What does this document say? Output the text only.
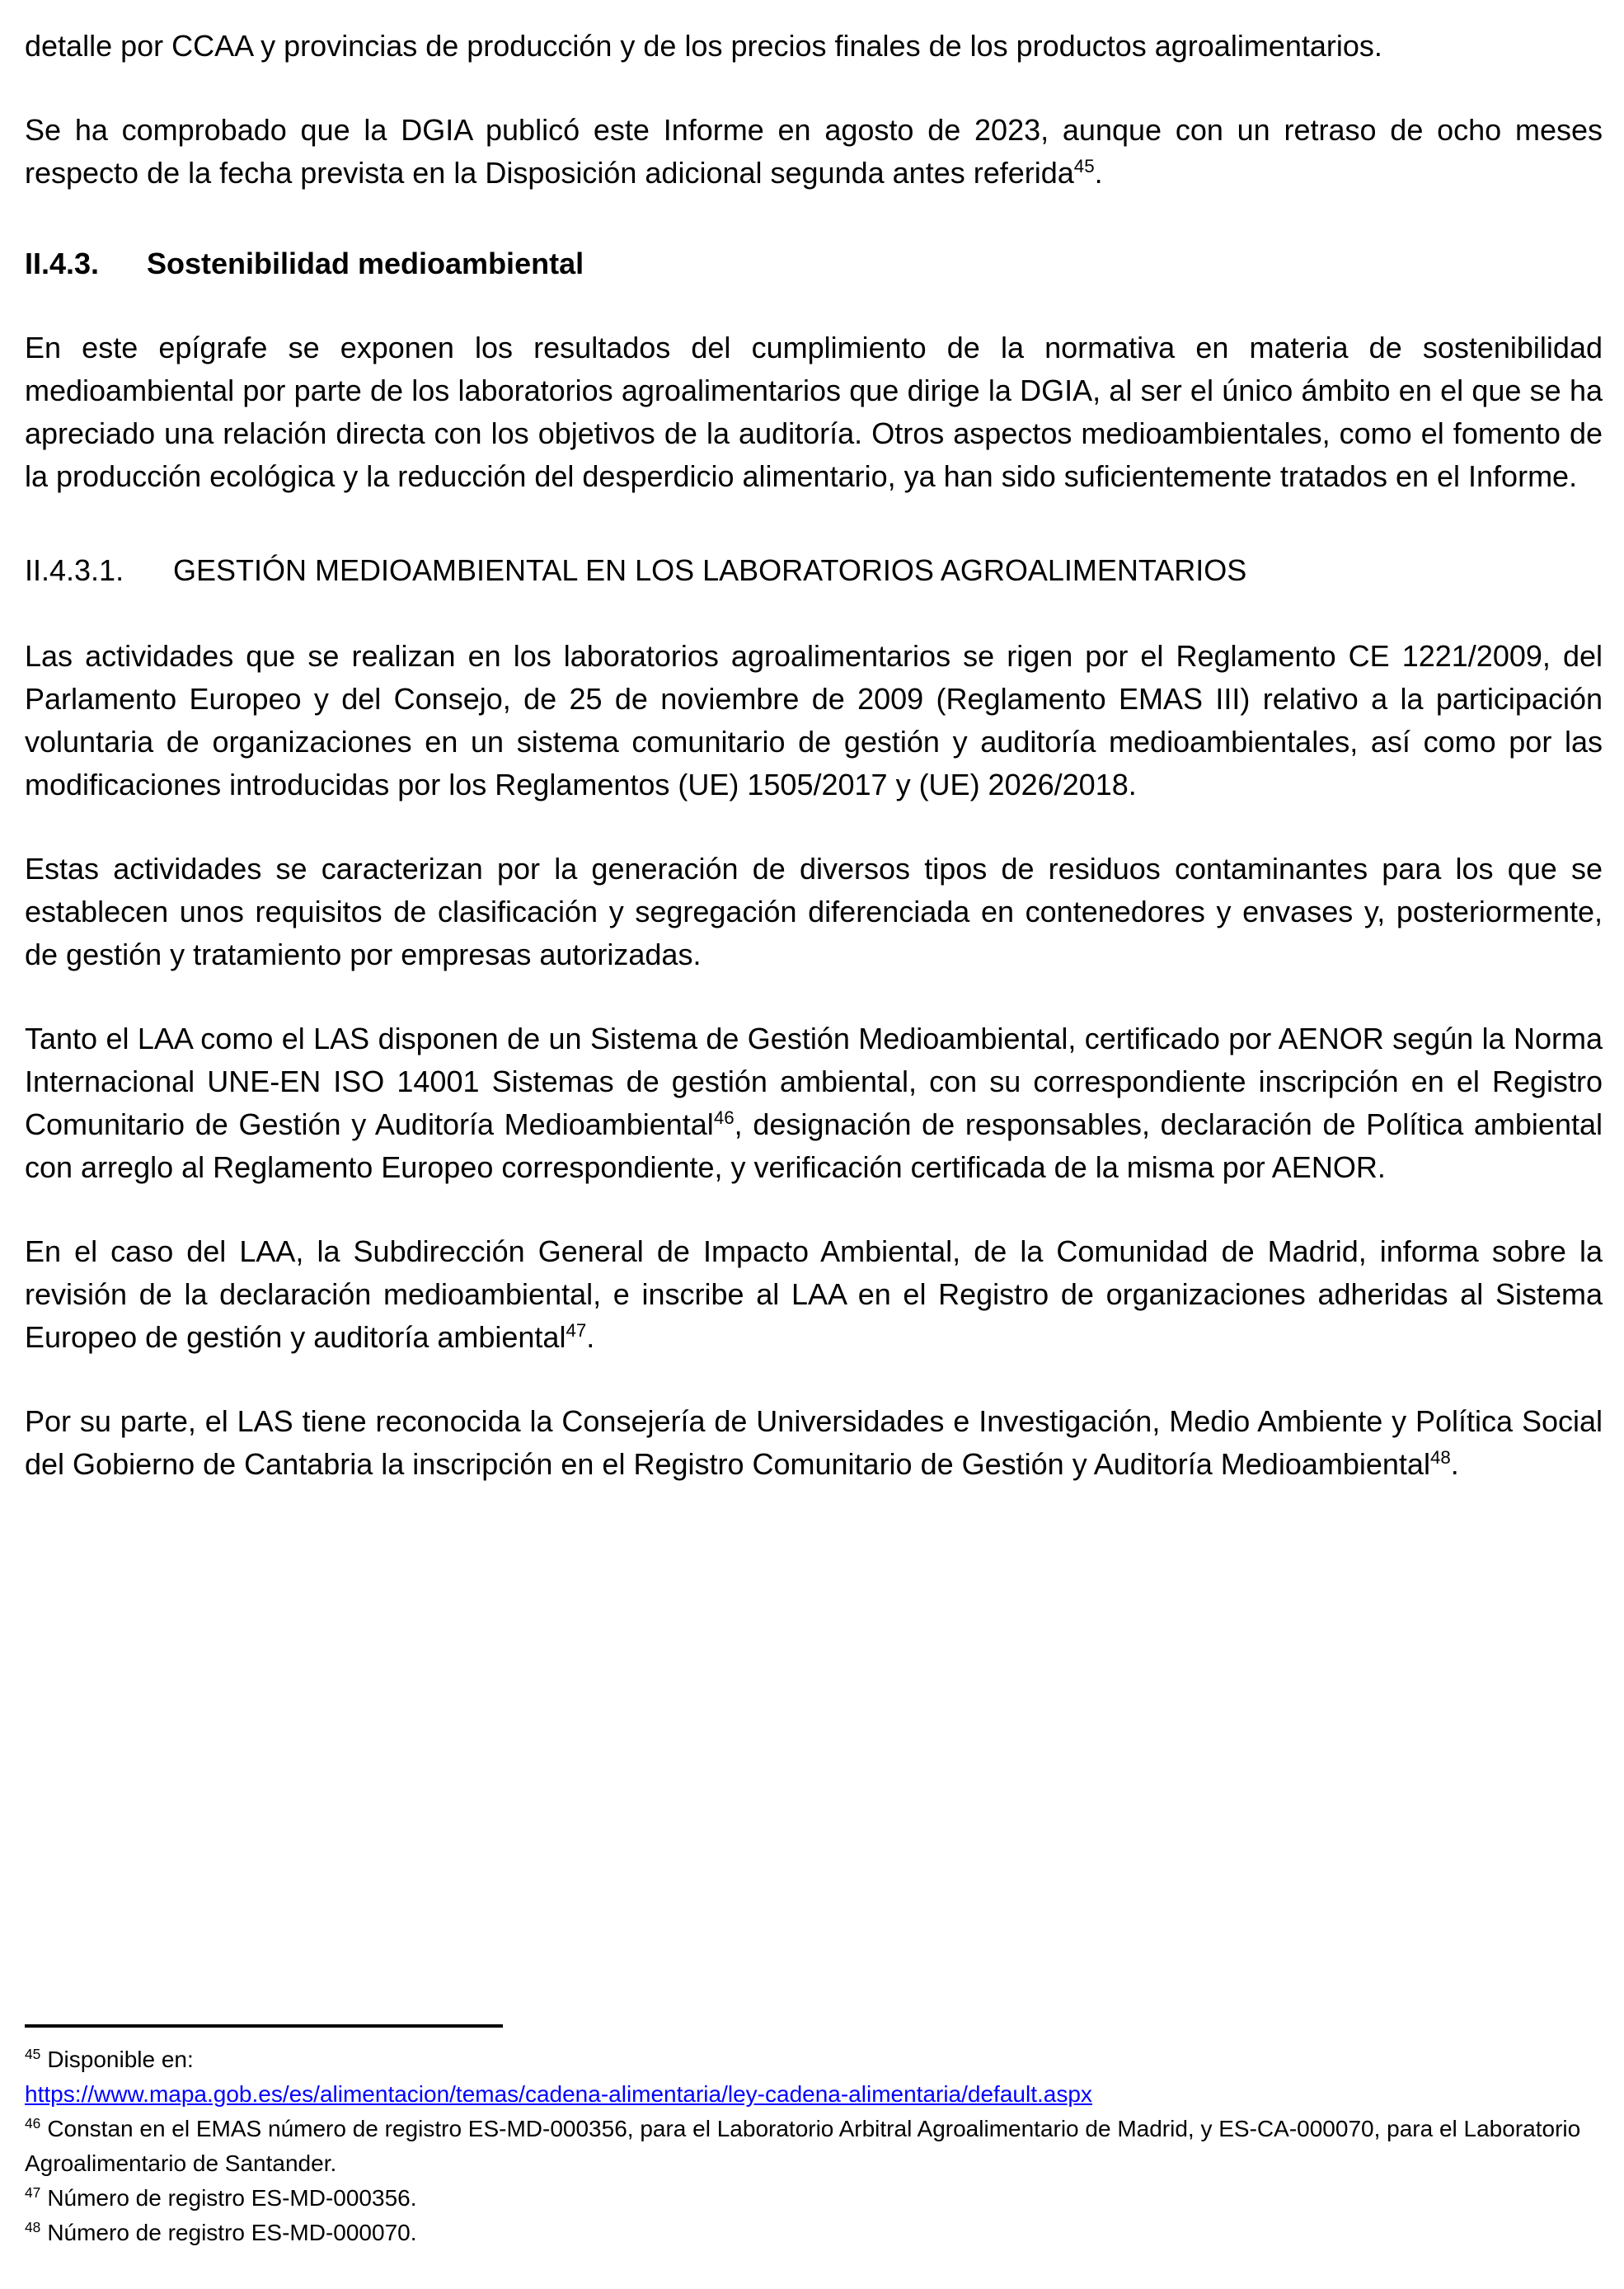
detalle por CCAA y provincias de producción y de los precios finales de los productos agroalimentarios.

Se ha comprobado que la DGIA publicó este Informe en agosto de 2023, aunque con un retraso de ocho meses respecto de la fecha prevista en la Disposición adicional segunda antes referida$^{45}$.

II.4.3. Sostenibilidad medioambiental

En este epígrafe se exponen los resultados del cumplimiento de la normativa en materia de sostenibilidad medioambiental por parte de los laboratorios agroalimentarios que dirige la DGIA, al ser el único ámbito en el que se ha apreciado una relación directa con los objetivos de la auditoría. Otros aspectos medioambientales, como el fomento de la producción ecológica y la reducción del desperdicio alimentario, ya han sido suficientemente tratados en el Informe.

II.4.3.1. GESTIÓN MEDIOAMBIENTAL EN LOS LABORATORIOS AGROALIMENTARIOS

Las actividades que se realizan en los laboratorios agroalimentarios se rigen por el Reglamento CE 1221/2009, del Parlamento Europeo y del Consejo, de 25 de noviembre de 2009 (Reglamento EMAS III) relativo a la participación voluntaria de organizaciones en un sistema comunitario de gestión y auditoría medioambientales, así como por las modificaciones introducidas por los Reglamentos (UE) 1505/2017 y (UE) 2026/2018.

Estas actividades se caracterizan por la generación de diversos tipos de residuos contaminantes para los que se establecen unos requisitos de clasificación y segregación diferenciada en contenedores y envases y, posteriormente, de gestión y tratamiento por empresas autorizadas.

Tanto el LAA como el LAS disponen de un Sistema de Gestión Medioambiental, certificado por AENOR según la Norma Internacional UNE-EN ISO 14001 Sistemas de gestión ambiental, con su correspondiente inscripción en el Registro Comunitario de Gestión y Auditoría Medioambiental$^{46}$, designación de responsables, declaración de Política ambiental con arreglo al Reglamento Europeo correspondiente, y verificación certificada de la misma por AENOR.

En el caso del LAA, la Subdirección General de Impacto Ambiental, de la Comunidad de Madrid, informa sobre la revisión de la declaración medioambiental, e inscribe al LAA en el Registro de organizaciones adheridas al Sistema Europeo de gestión y auditoría ambiental$^{47}$.

Por su parte, el LAS tiene reconocida la Consejería de Universidades e Investigación, Medio Ambiente y Política Social del Gobierno de Cantabria la inscripción en el Registro Comunitario de Gestión y Auditoría Medioambiental$^{48}$.

$^{45}$ Disponible en:
https://www.mapa.gob.es/es/alimentacion/temas/cadena-alimentaria/ley-cadena-alimentaria/default.aspx
$^{46}$ Constan en el EMAS número de registro ES-MD-000356, para el Laboratorio Arbitral Agroalimentario de Madrid, y ES-CA-000070, para el Laboratorio Agroalimentario de Santander.
$^{47}$ Número de registro ES-MD-000356.
$^{48}$ Número de registro ES-MD-000070.
